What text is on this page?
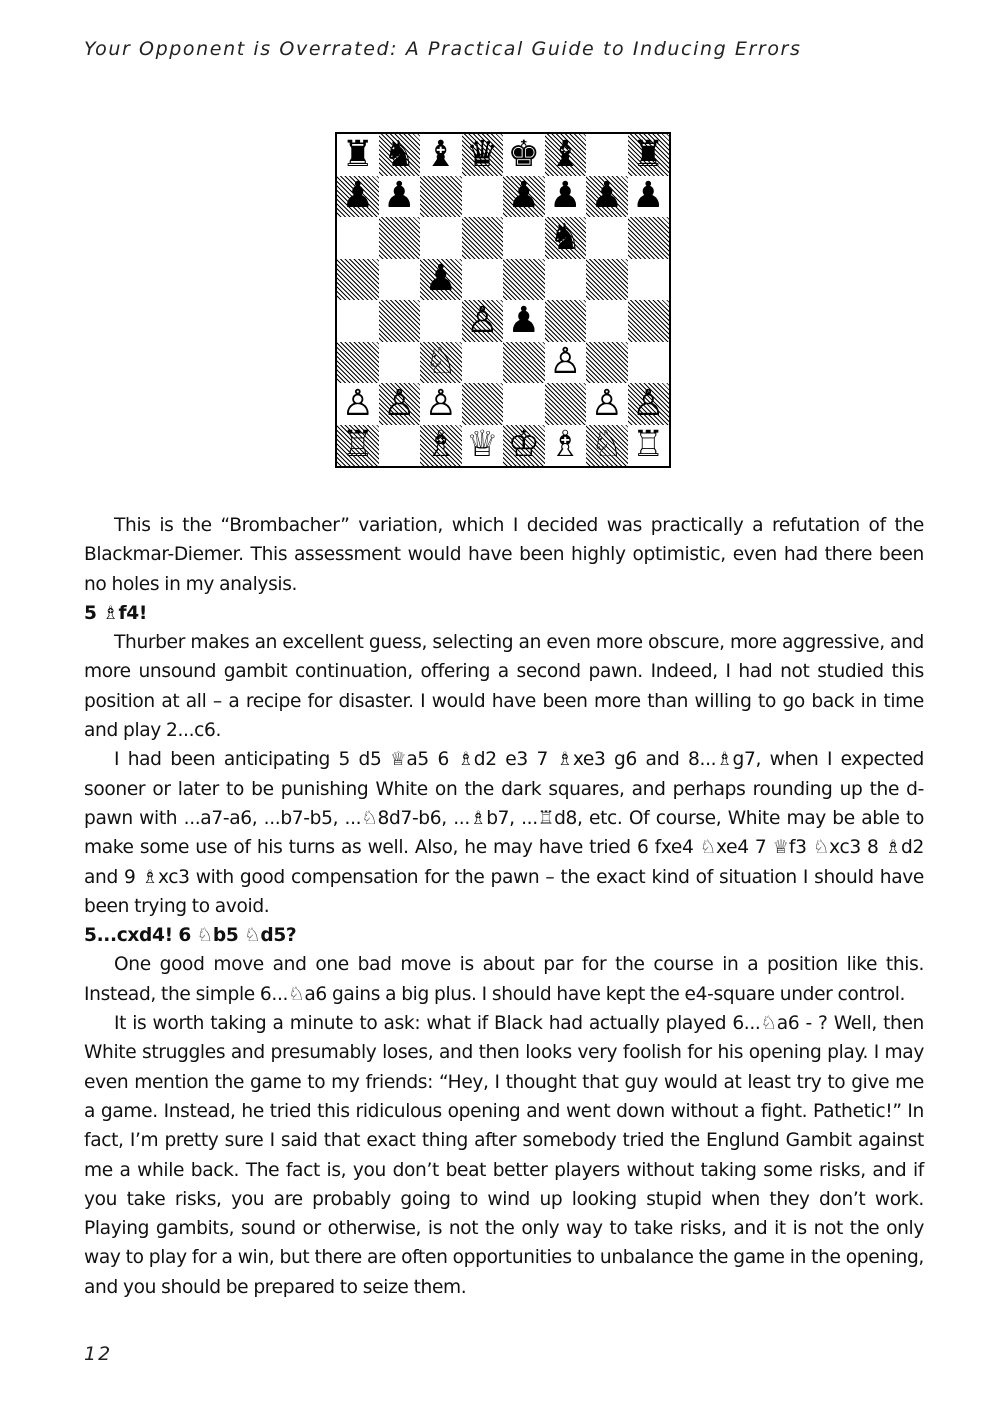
Your Opponent is Overrated: A Practical Guide to Inducing Errors
♜ ♞ ♝ ♛ ♚ ♝ ♜
♟ ♟	♟ ♟ ♟ ♟
♞
♟
♙ ♟
♘	♙
♙ ♙ ♙	♙ ♙
♖ ♗ ♕ ♔ ♗ ♘ ♖

This is the “Brombacher” variation, which I decided was practically a refutation of the Blackmar-Diemer. This assessment would have been highly optimistic, even had there been no holes in my analysis.

5 ♗f4!

Thurber makes an excellent guess, selecting an even more obscure, more aggressive, and more unsound gambit continuation, offering a second pawn. Indeed, I had not studied this position at all – a recipe for disaster. I would have been more than willing to go back in time and play 2...c6.

I had been anticipating 5 d5 ♕a5 6 ♗d2 e3 7 ♗xe3 g6 and 8...♗g7, when I expected sooner or later to be punishing White on the dark squares, and perhaps rounding up the d-pawn with ...a7-a6, ...b7-b5, ...♘8d7-b6, ...♗b7, ...♖d8, etc. Of course, White may be able to make some use of his turns as well. Also, he may have tried 6 fxe4 ♘xe4 7 ♕f3 ♘xc3 8 ♗d2 and 9 ♗xc3 with good compensation for the pawn – the exact kind of situation I should have been trying to avoid.

5...cxd4! 6 ♘b5 ♘d5?

One good move and one bad move is about par for the course in a position like this. Instead, the simple 6...♘a6 gains a big plus. I should have kept the e4-square under control.

It is worth taking a minute to ask: what if Black had actually played 6...♘a6 - ? Well, then White struggles and presumably loses, and then looks very foolish for his opening play. I may even mention the game to my friends: “Hey, I thought that guy would at least try to give me a game. Instead, he tried this ridiculous opening and went down without a fight. Pathetic!” In fact, I’m pretty sure I said that exact thing after somebody tried the Englund Gambit against me a while back. The fact is, you don’t beat better players without taking some risks, and if you take risks, you are probably going to wind up looking stupid when they don’t work. Playing gambits, sound or otherwise, is not the only way to take risks, and it is not the only way to play for a win, but there are often opportunities to unbalance the game in the opening, and you should be prepared to seize them.

12
